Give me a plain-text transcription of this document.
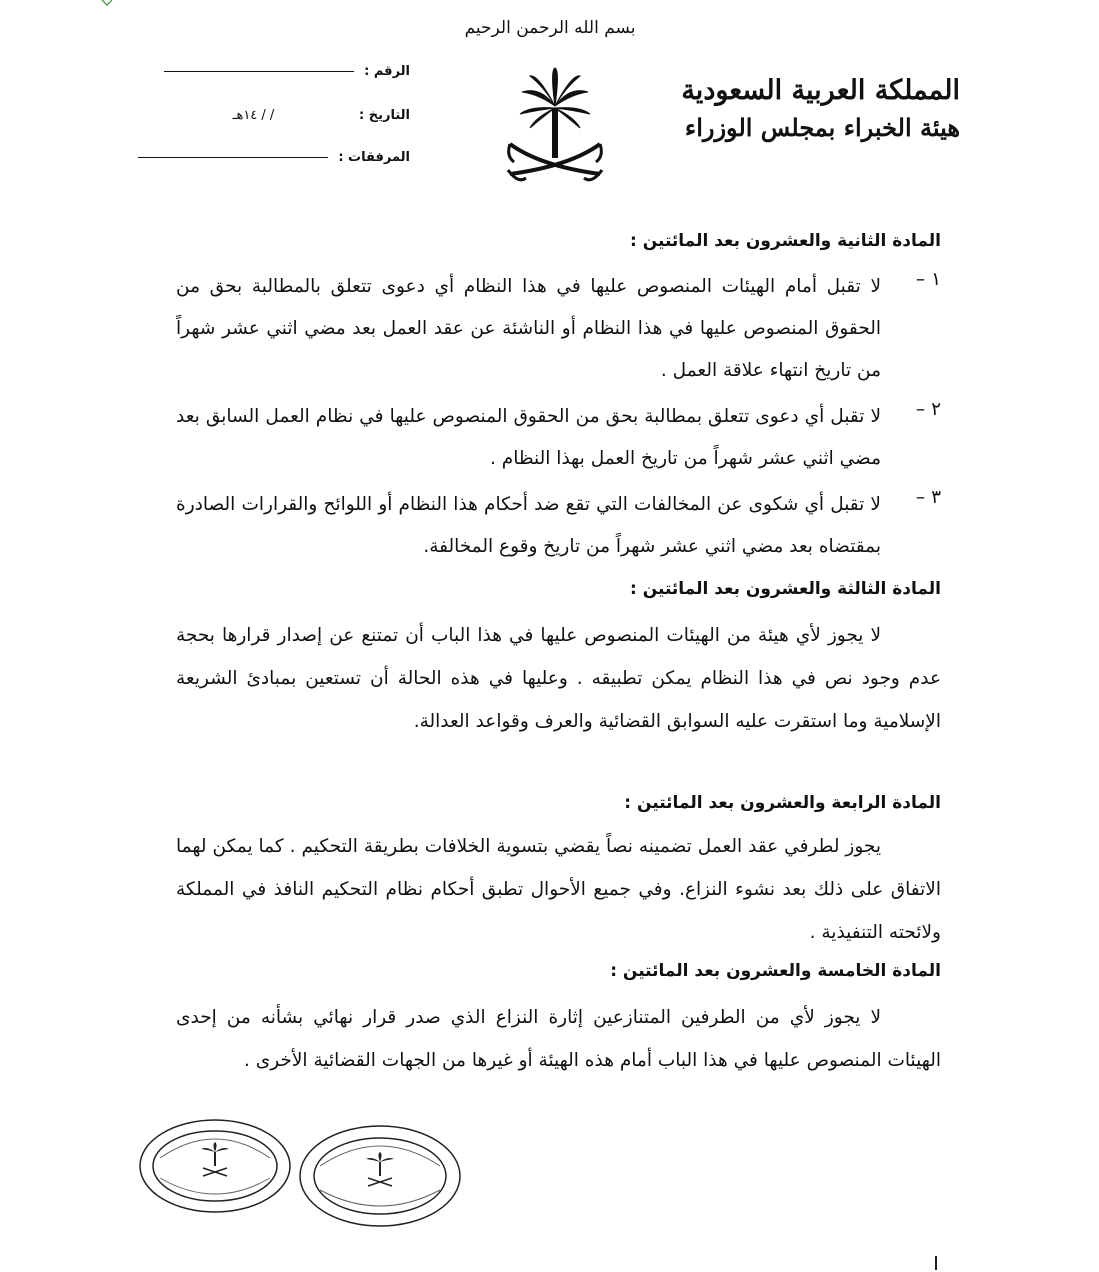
بسم الله الرحمن الرحيم
الرقم :
التاريخ : / / ١٤هـ
المرفقات :
المملكة العربية السعودية
هيئة الخبراء بمجلس الوزراء
المادة الثانية والعشرون بعد المائتين :
١ –
لا تقبل أمام الهيئات المنصوص عليها في هذا النظام أي دعوى تتعلق بالمطالبة بحق من الحقوق المنصوص عليها في هذا النظام أو الناشئة عن عقد العمل بعد مضي اثني عشر شهراً من تاريخ انتهاء علاقة العمل .
٢ –
لا تقبل أي دعوى تتعلق بمطالبة بحق من الحقوق المنصوص عليها في نظام العمل السابق بعد مضي اثني عشر شهراً من تاريخ العمل بهذا النظام .
٣ –
لا تقبل أي شكوى عن المخالفات التي تقع ضد أحكام هذا النظام أو اللوائح والقرارات الصادرة بمقتضاه بعد مضي اثني عشر شهراً من تاريخ وقوع المخالفة.
المادة الثالثة والعشرون بعد المائتين :
لا يجوز لأي هيئة من الهيئات المنصوص عليها في هذا الباب أن تمتنع عن إصدار قرارها بحجة عدم وجود نص في هذا النظام يمكن تطبيقه . وعليها في هذه الحالة أن تستعين بمبادئ الشريعة الإسلامية وما استقرت عليه السوابق القضائية والعرف وقواعد العدالة.
المادة الرابعة والعشرون بعد المائتين :
يجوز لطرفي عقد العمل تضمينه نصاً يقضي بتسوية الخلافات بطريقة التحكيم . كما يمكن لهما الاتفاق على ذلك بعد نشوء النزاع. وفي جميع الأحوال تطبق أحكام نظام التحكيم النافذ في المملكة ولائحته التنفيذية .
المادة الخامسة والعشرون بعد المائتين :
لا يجوز لأي من الطرفين المتنازعين إثارة النزاع الذي صدر قرار نهائي بشأنه من إحدى الهيئات المنصوص عليها في هذا الباب أمام هذه الهيئة أو غيرها من الجهات القضائية الأخرى .
